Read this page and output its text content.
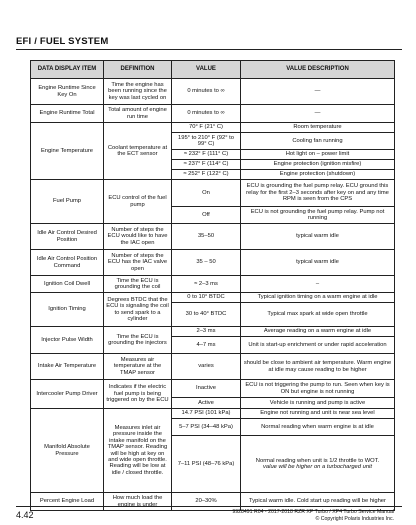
EFI / FUEL SYSTEM
DATA DISPLAY ITEM	DEFINITION	VALUE	VALUE DESCRIPTION
Engine Runtime Since Key On	Time the engine has been running since the key was last cycled on	0 minutes to ∞	—
Engine Runtime Total	Total amount of engine run time	0 minutes to ∞	—
Engine Temperature	Coolant temperature at the ECT sensor	70° F (21° C)	Room temperature
		195° to 210° F (92° to 99° C)	Cooling fan running
		≈ 232° F (111° C)	Hot light on – power limit
		≈ 237° F (114° C)	Engine protection (ignition misfire)
		≈ 252° F (122° C)	Engine protection (shutdown)
Fuel Pump	ECU control of the fuel pump	On	ECU is grounding the fuel pump relay. ECU ground this relay for the first 2–3 seconds after key on and any time RPM is seen from the CPS
		Off	ECU is not grounding the fuel pump relay. Pump not running
Idle Air Control Desired Position	Number of steps the ECU would like to have the IAC open	35–50	typical warm idle
Idle Air Control Position Command	Number of steps the ECU has the IAC valve open	35 – 50	typical warm idle
Ignition Coil Dwell	Time the ECU is grounding the coil	≈ 2–3 ms	–
Ignition Timing	Degrees BTDC that the ECU is signaling the coil to send spark to a cylinder	0 to 10° BTDC	Typical ignition timing on a warm engine at idle
		30 to 40° BTDC	Typical max spark at wide open throttle
Injector Pulse Width	Time the ECU is grounding the injectors	2–3 ms	Average reading on a warm engine at idle
		4–7 ms	Unit is start-up enrichment or under rapid acceleration
Intake Air Temperature	Measures air temperature at the TMAP sensor	varies	should be close to ambient air temperature. Warm engine at idle may cause reading to be higher
Intercooler Pump Driver	Indicates if the electric fuel pump is being triggered on by the ECU	Inactive	ECU is not triggering the pump to run. Seen when key is ON but engine is not running
		Active	Vehicle is running and pump is active
Manifold Absolute Pressure	Measures inlet air pressure inside the intake manifold on the TMAP sensor. Reading will be high at key on and wide open throttle. Reading will be low at idle / closed throttle.	14.7 PSI (101 kPa)	Engine not running and unit is near sea level
		5–7 PSI (34–48 kPa)	Normal reading when warm engine is at idle
		7–11 PSI (48–76 kPa)	Normal reading when unit is 1/2 throttle to WOT.
value will be higher on a turbocharged unit
Percent Engine Load	How much load the engine is under	20–30%	Typical warm idle. Cold start up reading will be higher
4.42	9928491 R04 - 2017-2018 RZR XP Turbo / XP4 Turbo Service Manual
© Copyright Polaris Industries Inc.
